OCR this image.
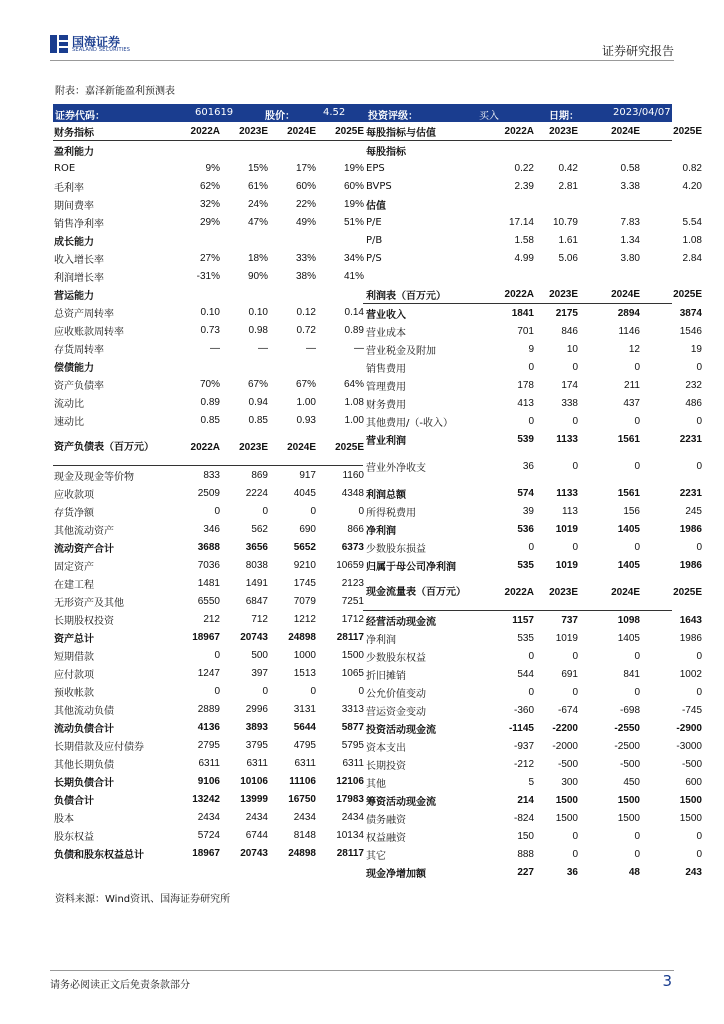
国海证券
SEALAND SECURITIES	证券研究报告
附表：嘉泽新能盈利预测表
证券代码：	601619	股价：	4.52 投资评级：	买入	日期：	2023/04/07
财务指标	2022A	2023E	2024E	2025E
盈利能力
ROE	9%	15%	17%	19%
毛利率	62%	61%	60%	60%
期间费率	32%	24%	22%	19%
销售净利率	29%	47%	49%	51%
成长能力
收入增长率	27%	18%	33%	34%
利润增长率	-31%	90%	38%	41%
营运能力
总资产周转率	0.10	0.10	0.12	0.14
应收账款周转率	0.73	0.98	0.72	0.89
存货周转率	—	—	—	—
偿债能力
资产负债率	70%	67%	67%	64%
流动比	0.89	0.94	1.00	1.08
速动比	0.85	0.85	0.93	1.00
资产负债表（百万元）	2022A	2023E	2024E	2025E
现金及现金等价物	833	869	917	1160
应收款项	2509	2224	4045	4348
存货净额	0	0	0	0
其他流动资产	346	562	690	866
流动资产合计	3688	3656	5652	6373
固定资产	7036	8038	9210	10659
在建工程	1481	1491	1745	2123
无形资产及其他	6550	6847	7079	7251
长期股权投资	212	712	1212	1712
资产总计	18967	20743	24898	28117
短期借款	0	500	1000	1500
应付款项	1247	397	1513	1065
预收帐款	0	0	0	0
其他流动负债	2889	2996	3131	3313
流动负债合计	4136	3893	5644	5877
长期借款及应付债券	2795	3795	4795	5795
其他长期负债	6311	6311	6311	6311
长期负债合计	9106	10106	11106	12106
负债合计	13242	13999	16750	17983
股本	2434	2434	2434	2434
股东权益	5724	6744	8148	10134
负债和股东权益总计	18967	20743	24898	28117
每股指标与估值	2022A	2023E	2024E	2025E
每股指标
EPS	0.22	0.42	0.58	0.82
BVPS	2.39	2.81	3.38	4.20
估值
P/E	17.14	10.79	7.83	5.54
P/B	1.58	1.61	1.34	1.08
P/S	4.99	5.06	3.80	2.84
利润表（百万元）	2022A	2023E	2024E	2025E
营业收入	1841	2175	2894	3874
营业成本	701	846	1146	1546
营业税金及附加	9	10	12	19
销售费用	0	0	0	0
管理费用	178	174	211	232
财务费用	413	338	437	486
其他费用/（-收入）	0	0	0	0
营业利润	539	1133	1561	2231
营业外净收支	36	0	0	0
利润总额	574	1133	1561	2231
所得税费用	39	113	156	245
净利润	536	1019	1405	1986
少数股东损益	0	0	0	0
归属于母公司净利润	535	1019	1405	1986
现金流量表（百万元）	2022A	2023E	2024E	2025E
经营活动现金流	1157	737	1098	1643
净利润	535	1019	1405	1986
少数股东权益	0	0	0	0
折旧摊销	544	691	841	1002
公允价值变动	0	0	0	0
营运资金变动	-360	-674	-698	-745
投资活动现金流	-1145	-2200	-2550	-2900
资本支出	-937	-2000	-2500	-3000
长期投资	-212	-500	-500	-500
其他	5	300	450	600
筹资活动现金流	214	1500	1500	1500
债务融资	-824	1500	1500	1500
权益融资	150	0	0	0
其它	888	0	0	0
现金净增加额	227	36	48	243
资料来源：Wind资讯、国海证券研究所
请务必阅读正文后免责条款部分	3
